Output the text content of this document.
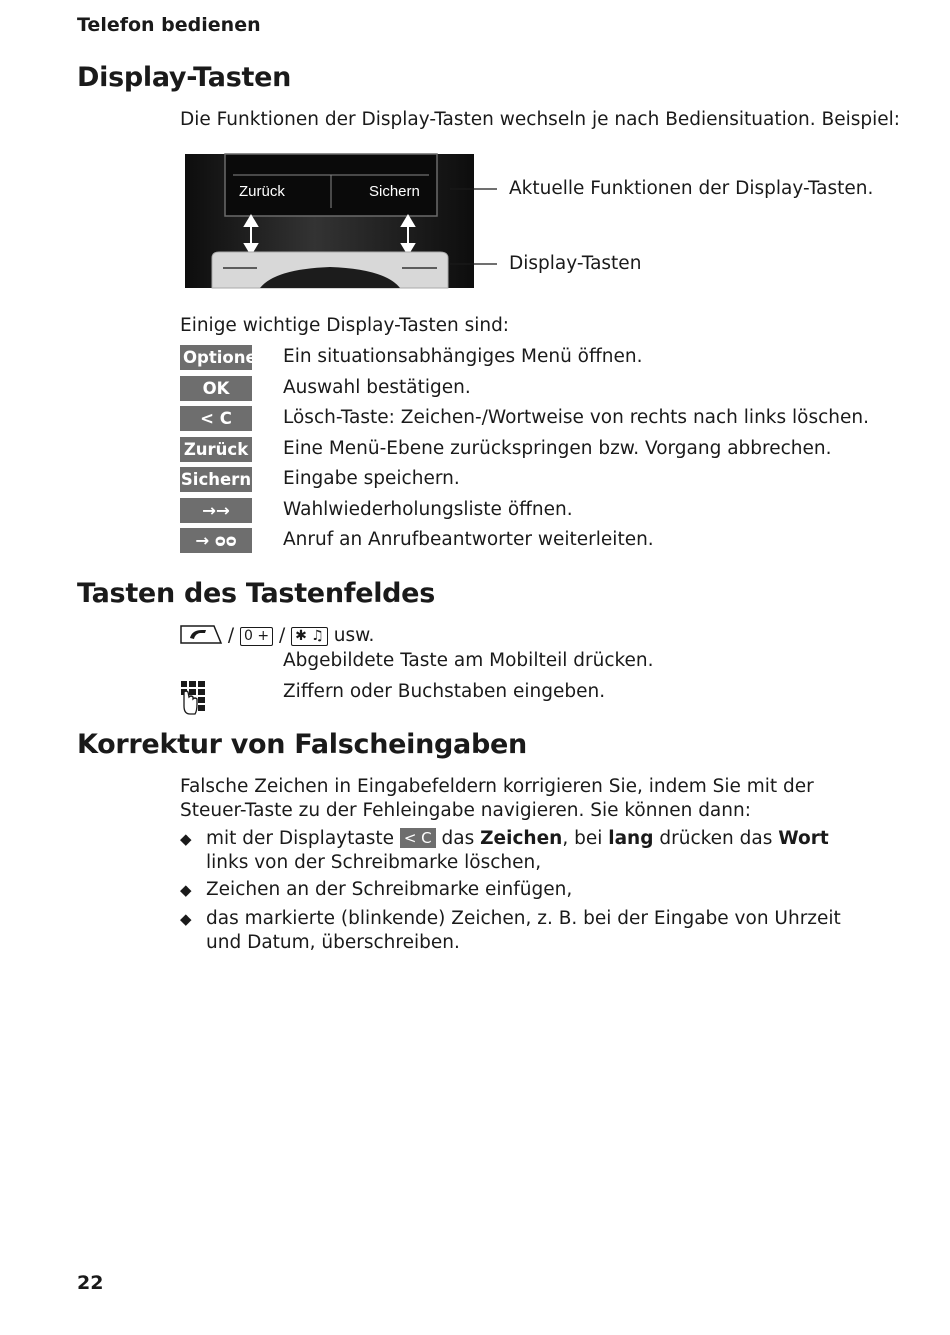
Telefon bedienen
Display-Tasten
Die Funktionen der Display-Tasten wechseln je nach Bediensituation. Beispiel:
Zurück	Sichern	Aktuelle Funktionen der Display-Tasten.
Display-Tasten
Einige wichtige Display-Tasten sind:
Optionen Ein situationsabhängiges Menü öffnen.
OK	Auswahl bestätigen.
< C	Lösch-Taste: Zeichen-/Wortweise von rechts nach links löschen.
Zurück Eine Menü-Ebene zurückspringen bzw. Vorgang abbrechen.
Sichern Eingabe speichern.
→→	Wahlwiederholungsliste öffnen.
→ ᴑᴑ	Anruf an Anrufbeantworter weiterleiten.
Tasten des Tastenfeldes
/ 0 + / ✱ ♫ usw.
Abgebildete Taste am Mobilteil drücken.
Ziffern oder Buchstaben eingeben.
Korrektur von Falscheingaben
Falsche Zeichen in Eingabefeldern korrigieren Sie, indem Sie mit der Steuer-Taste zu der Fehleingabe navigieren. Sie können dann:
◆ mit der Displaytaste < C das Zeichen, bei lang drücken das Wort links von der Schreibmarke löschen,
◆ Zeichen an der Schreibmarke einfügen,
◆ das markierte (blinkende) Zeichen, z. B. bei der Eingabe von Uhrzeit und Datum, überschreiben.
22
